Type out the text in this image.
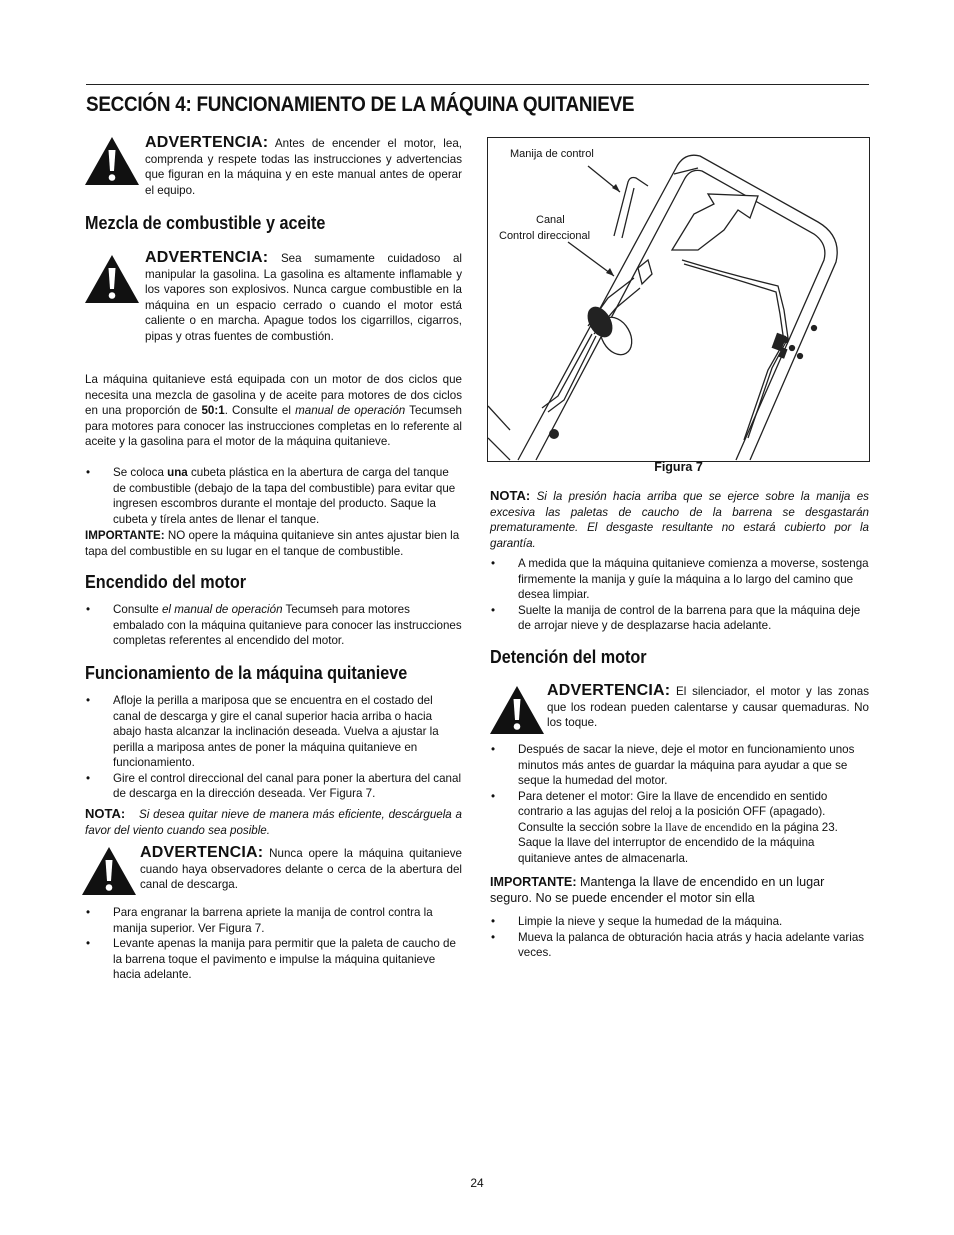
SECCIÓN 4: FUNCIONAMIENTO DE LA MÁQUINA QUITANIEVE
ADVERTENCIA: Antes de encender el motor, lea, comprenda y respete todas las instrucciones y advertencias que figuran en la máquina y en este manual antes de operar el equipo.
Mezcla de combustible y aceite
ADVERTENCIA: Sea sumamente cuidadoso al manipular la gasolina. La gasolina es altamente inflamable y los vapores son explosivos. Nunca cargue combustible en la máquina en un espacio cerrado o cuando el motor está caliente o en marcha. Apague todos los cigarrillos, cigarros, pipas y otras fuentes de combustión.
La máquina quitanieve está equipada con un motor de dos ciclos que necesita una mezcla de gasolina y de aceite para motores de dos ciclos en una proporción de 50:1. Consulte el manual de operación Tecumseh para motores para conocer las instrucciones completas en lo referente al aceite y la gasolina para el motor de la máquina quitanieve.
• Se coloca una cubeta plástica en la abertura de carga del tanque de combustible (debajo de la tapa del combustible) para evitar que ingresen escombros durante el montaje del producto. Saque la cubeta y tírela antes de llenar el tanque.
IMPORTANTE: NO opere la máquina quitanieve sin antes ajustar bien la tapa del combustible en su lugar en el tanque de combustible.
Encendido del motor
• Consulte el manual de operación Tecumseh para motores embalado con la máquina quitanieve para conocer las instrucciones completas referentes al encendido del motor.
Funcionamiento de la máquina quitanieve
• Afloje la perilla a mariposa que se encuentra en el costado del canal de descarga y gire el canal superior hacia arriba o hacia abajo hasta alcanzar la inclinación deseada. Vuelva a ajustar la perilla a mariposa antes de poner la máquina quitanieve en funcionamiento.
• Gire el control direccional del canal para poner la abertura del canal de descarga en la dirección deseada. Ver Figura 7.
NOTA: Si desea quitar nieve de manera más eficiente, descárguela a favor del viento cuando sea posible.
ADVERTENCIA: Nunca opere la máquina quitanieve cuando haya observadores delante o cerca de la abertura del canal de descarga.
• Para engranar la barrena apriete la manija de control contra la manija superior. Ver Figura 7.
• Levante apenas la manija para permitir que la paleta de caucho de la barrena toque el pavimento e impulse la máquina quitanieve hacia adelante.
Manija de control
Canal
Control direccional
Figura 7
NOTA: Si la presión hacia arriba que se ejerce sobre la manija es excesiva las paletas de caucho de la barrena se desgastarán prematuramente. El desgaste resultante no estará cubierto por la garantía.
• A medida que la máquina quitanieve comienza a moverse, sostenga firmemente la manija y guíe la máquina a lo largo del camino que desea limpiar.
• Suelte la manija de control de la barrena para que la máquina deje de arrojar nieve y de desplazarse hacia adelante.
Detención del motor
ADVERTENCIA: El silenciador, el motor y las zonas que los rodean pueden calentarse y causar quemaduras. No los toque.
• Después de sacar la nieve, deje el motor en funcionamiento unos minutos más antes de guardar la máquina para ayudar a que se seque la humedad del motor.
• Para detener el motor: Gire la llave de encendido en sentido contrario a las agujas del reloj a la posición OFF (apagado). Consulte la sección sobre la llave de encendido en la página 23. Saque la llave del interruptor de encendido de la máquina quitanieve antes de almacenarla.
IMPORTANTE: Mantenga la llave de encendido en un lugar seguro. No se puede encender el motor sin ella
• Limpie la nieve y seque la humedad de la máquina.
• Mueva la palanca de obturación hacia atrás y hacia adelante varias veces.
24
